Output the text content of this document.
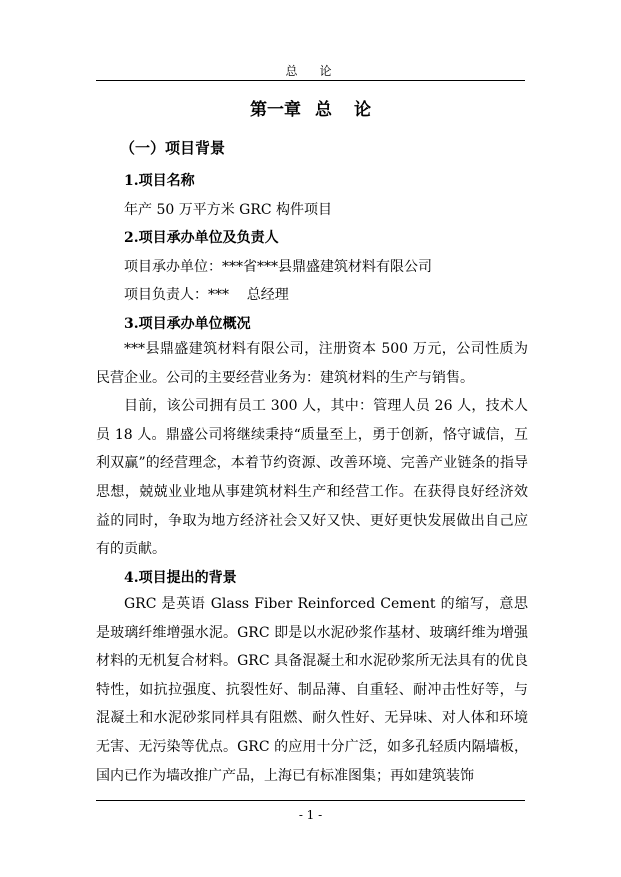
总 论
第一章 总 论
（一）项目背景
1.项目名称
年产 50 万平方米 GRC 构件项目
2.项目承办单位及负责人
项目承办单位：***省***县鼎盛建筑材料有限公司
项目负责人：***    总经理
3.项目承办单位概况

***县鼎盛建筑材料有限公司，注册资本 500 万元，公司性质为民营企业。公司的主要经营业务为：建筑材料的生产与销售。

目前，该公司拥有员工 300 人，其中：管理人员 26 人，技术人员 18 人。鼎盛公司将继续秉持“质量至上，勇于创新，恪守诚信，互利双赢”的经营理念，本着节约资源、改善环境、完善产业链条的指导思想，兢兢业业地从事建筑材料生产和经营工作。在获得良好经济效益的同时，争取为地方经济社会又好又快、更好更快发展做出自己应有的贡献。

4.项目提出的背景

GRC 是英语 Glass Fiber Reinforced Cement 的缩写，意思是玻璃纤维增强水泥。GRC 即是以水泥砂浆作基材、玻璃纤维为增强材料的无机复合材料。GRC 具备混凝土和水泥砂浆所无法具有的优良特性，如抗拉强度、抗裂性好、制品薄、自重轻、耐冲击性好等，与混凝土和水泥砂浆同样具有阻燃、耐久性好、无异味、对人体和环境无害、无污染等优点。GRC 的应用十分广泛，如多孔轻质内隔墙板，国内已作为墙改推广产品，上海已有标准图集；再如建筑装饰

- 1 -
